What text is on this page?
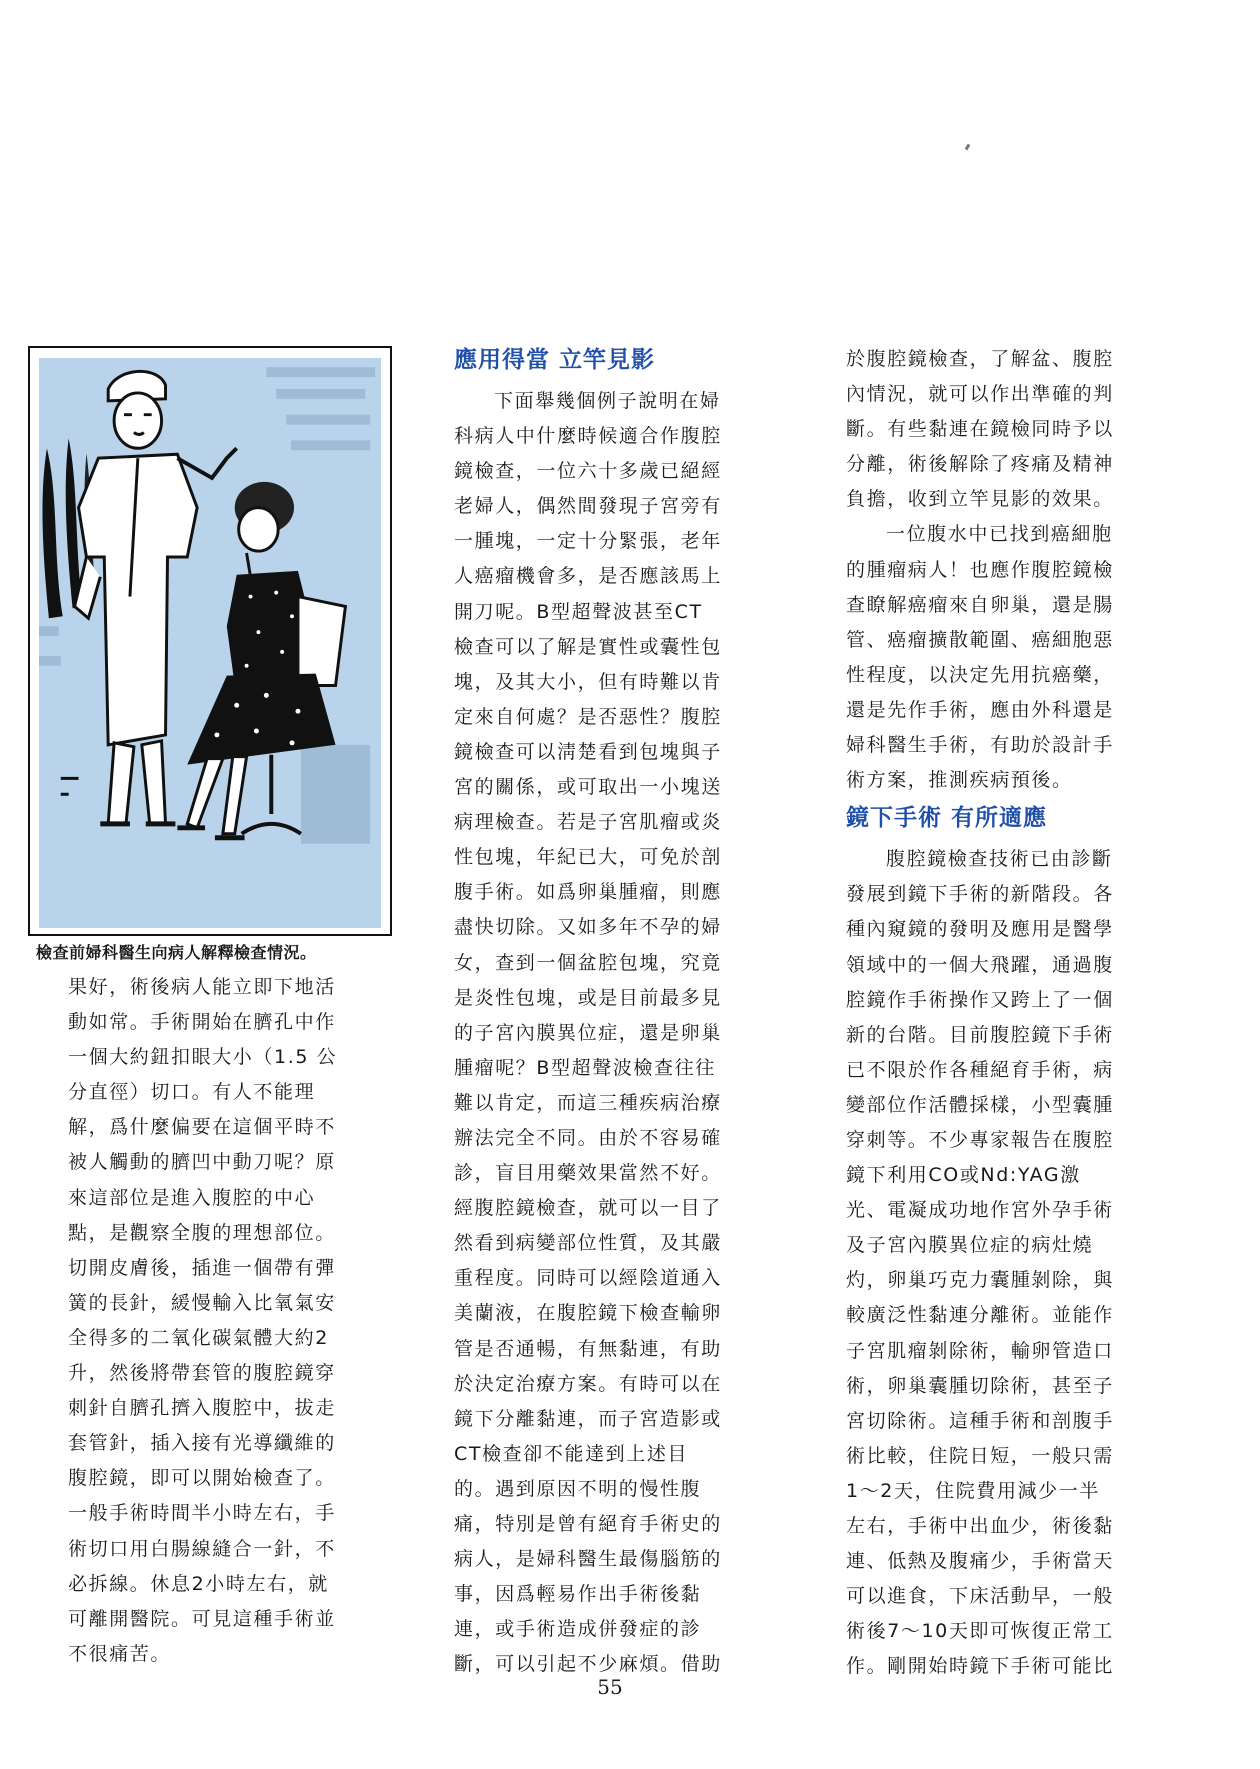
檢查前婦科醫生向病人解釋檢查情況。
果好，術後病人能立即下地活
動如常。手術開始在臍孔中作
一個大約鈕扣眼大小（1.5 公
分直徑）切口。有人不能理
解，爲什麼偏要在這個平時不
被人觸動的臍凹中動刀呢？原
來這部位是進入腹腔的中心
點，是觀察全腹的理想部位。
切開皮膚後，插進一個帶有彈
簧的長針，緩慢輸入比氧氣安
全得多的二氧化碳氣體大約2
升，然後將帶套管的腹腔鏡穿
刺針自臍孔擠入腹腔中，拔走
套管針，插入接有光導纖維的
腹腔鏡，即可以開始檢查了。
一般手術時間半小時左右，手
術切口用白腸線縫合一針，不
必拆線。休息2小時左右，就
可離開醫院。可見這種手術並
不很痛苦。
應用得當 立竿見影
下面舉幾個例子說明在婦
科病人中什麼時候適合作腹腔
鏡檢查，一位六十多歲已絕經
老婦人，偶然間發現子宮旁有
一腫塊，一定十分緊張，老年
人癌瘤機會多，是否應該馬上
開刀呢。B型超聲波甚至CT
檢查可以了解是實性或囊性包
塊，及其大小，但有時難以肯
定來自何處？是否惡性？腹腔
鏡檢查可以淸楚看到包塊與子
宮的關係，或可取出一小塊送
病理檢查。若是子宮肌瘤或炎
性包塊，年紀已大，可免於剖
腹手術。如爲卵巢腫瘤，則應
盡快切除。又如多年不孕的婦
女，查到一個盆腔包塊，究竟
是炎性包塊，或是目前最多見
的子宮內膜異位症，還是卵巢
腫瘤呢？B型超聲波檢查往往
難以肯定，而這三種疾病治療
辦法完全不同。由於不容易確
診，盲目用藥效果當然不好。
經腹腔鏡檢查，就可以一目了
然看到病變部位性質，及其嚴
重程度。同時可以經陰道通入
美蘭液，在腹腔鏡下檢查輸卵
管是否通暢，有無黏連，有助
於決定治療方案。有時可以在
鏡下分離黏連，而子宮造影或
CT檢查卻不能達到上述目
的。遇到原因不明的慢性腹
痛，特別是曾有絕育手術史的
病人，是婦科醫生最傷腦筋的
事，因爲輕易作出手術後黏
連，或手術造成併發症的診
斷，可以引起不少麻煩。借助
於腹腔鏡檢查，了解盆、腹腔
內情況，就可以作出準確的判
斷。有些黏連在鏡檢同時予以
分離，術後解除了疼痛及精神
負擔，收到立竿見影的效果。
一位腹水中已找到癌細胞
的腫瘤病人！也應作腹腔鏡檢
查瞭解癌瘤來自卵巢，還是腸
管、癌瘤擴散範圍、癌細胞惡
性程度，以決定先用抗癌藥，
還是先作手術，應由外科還是
婦科醫生手術，有助於設計手
術方案，推測疾病預後。
鏡下手術 有所適應
腹腔鏡檢查技術已由診斷
發展到鏡下手術的新階段。各
種內窺鏡的發明及應用是醫學
領域中的一個大飛躍，通過腹
腔鏡作手術操作又跨上了一個
新的台階。目前腹腔鏡下手術
已不限於作各種絕育手術，病
變部位作活體採樣，小型囊腫
穿刺等。不少專家報告在腹腔
鏡下利用CO或Nd:YAG激
光、電凝成功地作宮外孕手術
及子宮內膜異位症的病灶燒
灼，卵巢巧克力囊腫剝除，與
較廣泛性黏連分離術。並能作
子宮肌瘤剝除術，輸卵管造口
術，卵巢囊腫切除術，甚至子
宮切除術。這種手術和剖腹手
術比較，住院日短，一般只需
1～2天，住院費用減少一半
左右，手術中出血少，術後黏
連、低熱及腹痛少，手術當天
可以進食，下床活動早，一般
術後7～10天即可恢復正常工
作。剛開始時鏡下手術可能比
55
